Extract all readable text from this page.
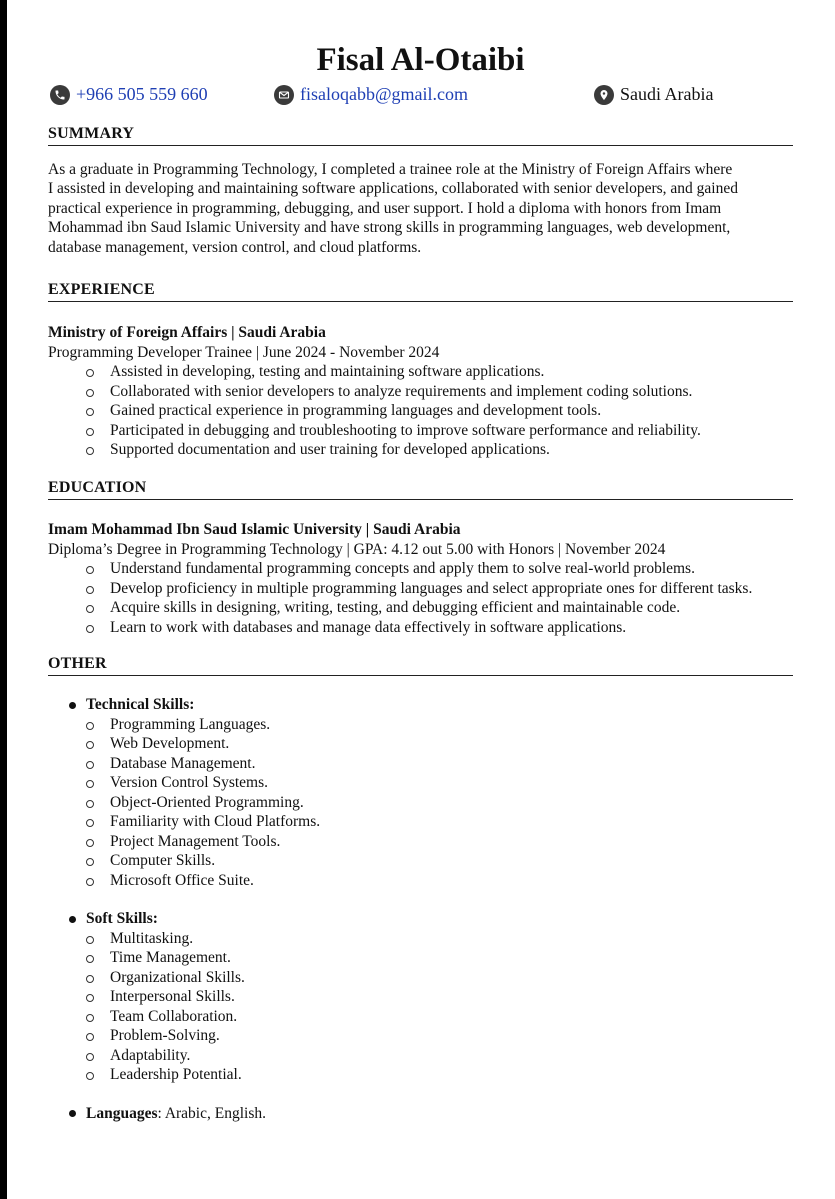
Fisal Al-Otaibi
+966 505 559 660	fisaloqabb@gmail.com	Saudi Arabia
SUMMARY

As a graduate in Programming Technology, I completed a trainee role at the Ministry of Foreign Affairs where
I assisted in developing and maintaining software applications, collaborated with senior developers, and gained
practical experience in programming, debugging, and user support. I hold a diploma with honors from Imam
Mohammad ibn Saud Islamic University and have strong skills in programming languages, web development,
database management, version control, and cloud platforms.

EXPERIENCE

Ministry of Foreign Affairs | Saudi Arabia

Programming Developer Trainee | June 2024 - November 2024

Assisted in developing, testing and maintaining software applications.
Collaborated with senior developers to analyze requirements and implement coding solutions.
Gained practical experience in programming languages and development tools.
Participated in debugging and troubleshooting to improve software performance and reliability.
Supported documentation and user training for developed applications.
EDUCATION

Imam Mohammad Ibn Saud Islamic University | Saudi Arabia

Diploma’s Degree in Programming Technology | GPA: 4.12 out 5.00 with Honors | November 2024

Understand fundamental programming concepts and apply them to solve real-world problems.
Develop proficiency in multiple programming languages and select appropriate ones for different tasks.
Acquire skills in designing, writing, testing, and debugging efficient and maintainable code.
Learn to work with databases and manage data effectively in software applications.
OTHER

Technical Skills:

Programming Languages.
Web Development.
Database Management.
Version Control Systems.
Object-Oriented Programming.
Familiarity with Cloud Platforms.
Project Management Tools.
Computer Skills.
Microsoft Office Suite.

Soft Skills:

Multitasking.
Time Management.
Organizational Skills.
Interpersonal Skills.
Team Collaboration.
Problem-Solving.
Adaptability.
Leadership Potential.

Languages: Arabic, English.
